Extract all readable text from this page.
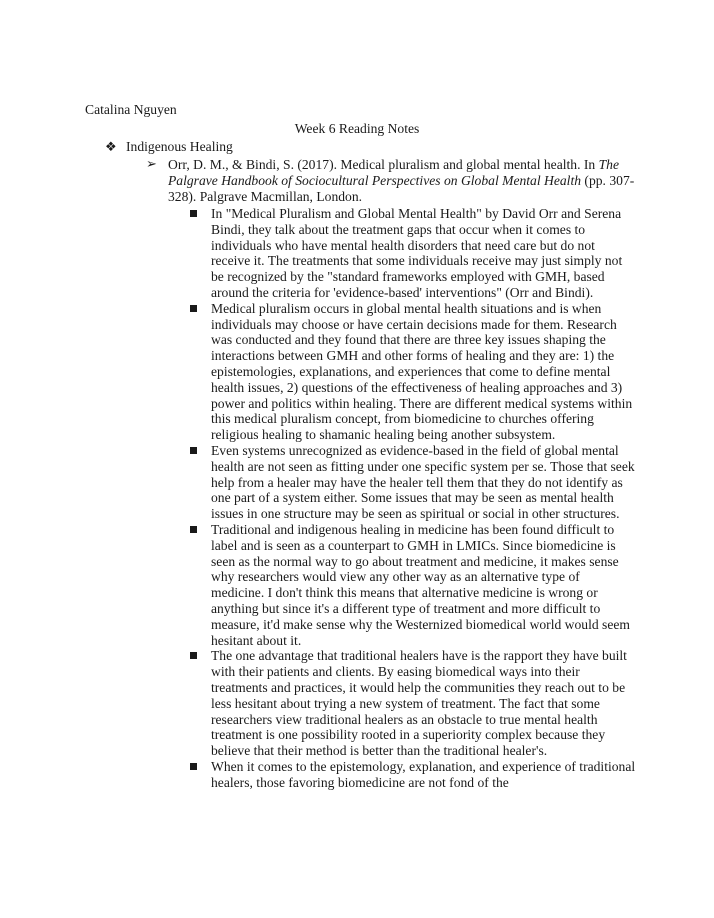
Catalina Nguyen
Week 6 Reading Notes
❖ Indigenous Healing
➢ Orr, D. M., & Bindi, S. (2017). Medical pluralism and global mental health. In The Palgrave Handbook of Sociocultural Perspectives on Global Mental Health (pp. 307-328). Palgrave Macmillan, London.
In "Medical Pluralism and Global Mental Health" by David Orr and Serena Bindi, they talk about the treatment gaps that occur when it comes to individuals who have mental health disorders that need care but do not receive it. The treatments that some individuals receive may just simply not be recognized by the "standard frameworks employed with GMH, based around the criteria for 'evidence-based' interventions" (Orr and Bindi).
Medical pluralism occurs in global mental health situations and is when individuals may choose or have certain decisions made for them. Research was conducted and they found that there are three key issues shaping the interactions between GMH and other forms of healing and they are: 1) the epistemologies, explanations, and experiences that come to define mental health issues, 2) questions of the effectiveness of healing approaches and 3) power and politics within healing. There are different medical systems within this medical pluralism concept, from biomedicine to churches offering religious healing to shamanic healing being another subsystem.
Even systems unrecognized as evidence-based in the field of global mental health are not seen as fitting under one specific system per se. Those that seek help from a healer may have the healer tell them that they do not identify as one part of a system either. Some issues that may be seen as mental health issues in one structure may be seen as spiritual or social in other structures.
Traditional and indigenous healing in medicine has been found difficult to label and is seen as a counterpart to GMH in LMICs. Since biomedicine is seen as the normal way to go about treatment and medicine, it makes sense why researchers would view any other way as an alternative type of medicine. I don't think this means that alternative medicine is wrong or anything but since it's a different type of treatment and more difficult to measure, it'd make sense why the Westernized biomedical world would seem hesitant about it.
The one advantage that traditional healers have is the rapport they have built with their patients and clients. By easing biomedical ways into their treatments and practices, it would help the communities they reach out to be less hesitant about trying a new system of treatment. The fact that some researchers view traditional healers as an obstacle to true mental health treatment is one possibility rooted in a superiority complex because they believe that their method is better than the traditional healer's.
When it comes to the epistemology, explanation, and experience of traditional healers, those favoring biomedicine are not fond of the
